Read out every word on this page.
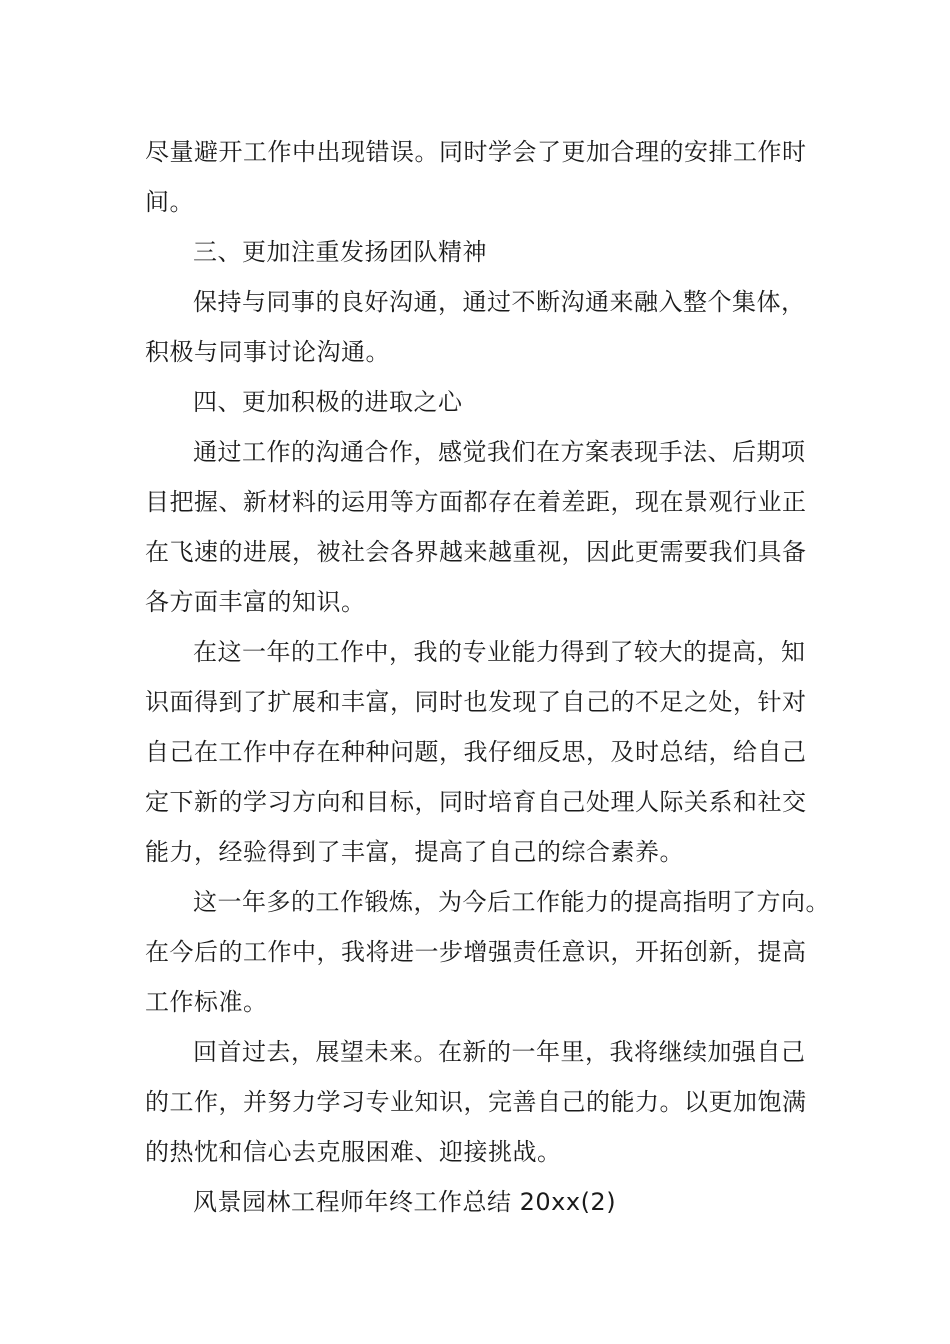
尽量避开工作中出现错误。同时学会了更加合理的安排工作时
间。
三、更加注重发扬团队精神
保持与同事的良好沟通，通过不断沟通来融入整个集体，
积极与同事讨论沟通。
四、更加积极的进取之心
通过工作的沟通合作，感觉我们在方案表现手法、后期项
目把握、新材料的运用等方面都存在着差距，现在景观行业正
在飞速的进展，被社会各界越来越重视，因此更需要我们具备
各方面丰富的知识。
在这一年的工作中，我的专业能力得到了较大的提高，知
识面得到了扩展和丰富，同时也发现了自己的不足之处，针对
自己在工作中存在种种问题，我仔细反思，及时总结，给自己
定下新的学习方向和目标，同时培育自己处理人际关系和社交
能力，经验得到了丰富，提高了自己的综合素养。
这一年多的工作锻炼，为今后工作能力的提高指明了方向。
在今后的工作中，我将进一步增强责任意识，开拓创新，提高
工作标准。
回首过去，展望未来。在新的一年里，我将继续加强自己
的工作，并努力学习专业知识，完善自己的能力。以更加饱满
的热忱和信心去克服困难、迎接挑战。
风景园林工程师年终工作总结 20xx(2)
